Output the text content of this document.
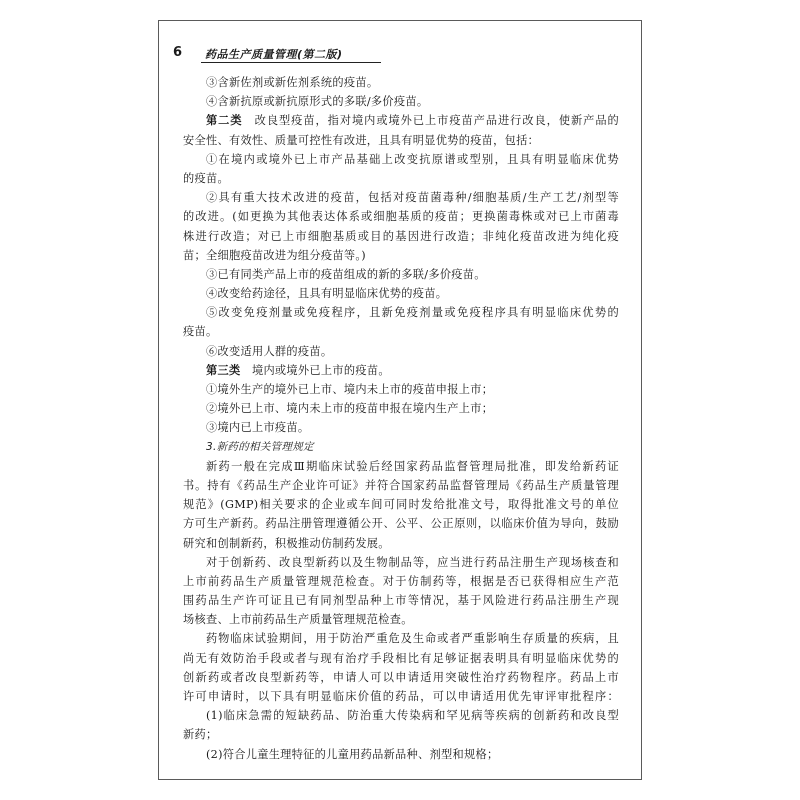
6 药品生产质量管理(第二版)
③含新佐剂或新佐剂系统的疫苗。
④含新抗原或新抗原形式的多联/多价疫苗。
第二类　改良型疫苗，指对境内或境外已上市疫苗产品进行改良，使新产品的
安全性、有效性、质量可控性有改进，且具有明显优势的疫苗，包括：
①在境内或境外已上市产品基础上改变抗原谱或型别，且具有明显临床优势
的疫苗。
②具有重大技术改进的疫苗，包括对疫苗菌毒种/细胞基质/生产工艺/剂型等
的改进。(如更换为其他表达体系或细胞基质的疫苗；更换菌毒株或对已上市菌毒
株进行改造；对已上市细胞基质或目的基因进行改造；非纯化疫苗改进为纯化疫
苗；全细胞疫苗改进为组分疫苗等。)
③已有同类产品上市的疫苗组成的新的多联/多价疫苗。
④改变给药途径，且具有明显临床优势的疫苗。
⑤改变免疫剂量或免疫程序，且新免疫剂量或免疫程序具有明显临床优势的
疫苗。
⑥改变适用人群的疫苗。
第三类　境内或境外已上市的疫苗。
①境外生产的境外已上市、境内未上市的疫苗申报上市；
②境外已上市、境内未上市的疫苗申报在境内生产上市；
③境内已上市疫苗。
3.新药的相关管理规定
新药一般在完成Ⅲ期临床试验后经国家药品监督管理局批准，即发给新药证
书。持有《药品生产企业许可证》并符合国家药品监督管理局《药品生产质量管理
规范》(GMP)相关要求的企业或车间可同时发给批准文号，取得批准文号的单位
方可生产新药。药品注册管理遵循公开、公平、公正原则，以临床价值为导向，鼓励
研究和创制新药，积极推动仿制药发展。
对于创新药、改良型新药以及生物制品等，应当进行药品注册生产现场核查和
上市前药品生产质量管理规范检查。对于仿制药等，根据是否已获得相应生产范
围药品生产许可证且已有同剂型品种上市等情况，基于风险进行药品注册生产现
场核查、上市前药品生产质量管理规范检查。
药物临床试验期间，用于防治严重危及生命或者严重影响生存质量的疾病，且
尚无有效防治手段或者与现有治疗手段相比有足够证据表明具有明显临床优势的
创新药或者改良型新药等，申请人可以申请适用突破性治疗药物程序。药品上市
许可申请时，以下具有明显临床价值的药品，可以申请适用优先审评审批程序：
(1)临床急需的短缺药品、防治重大传染病和罕见病等疾病的创新药和改良型
新药；
(2)符合儿童生理特征的儿童用药品新品种、剂型和规格；
